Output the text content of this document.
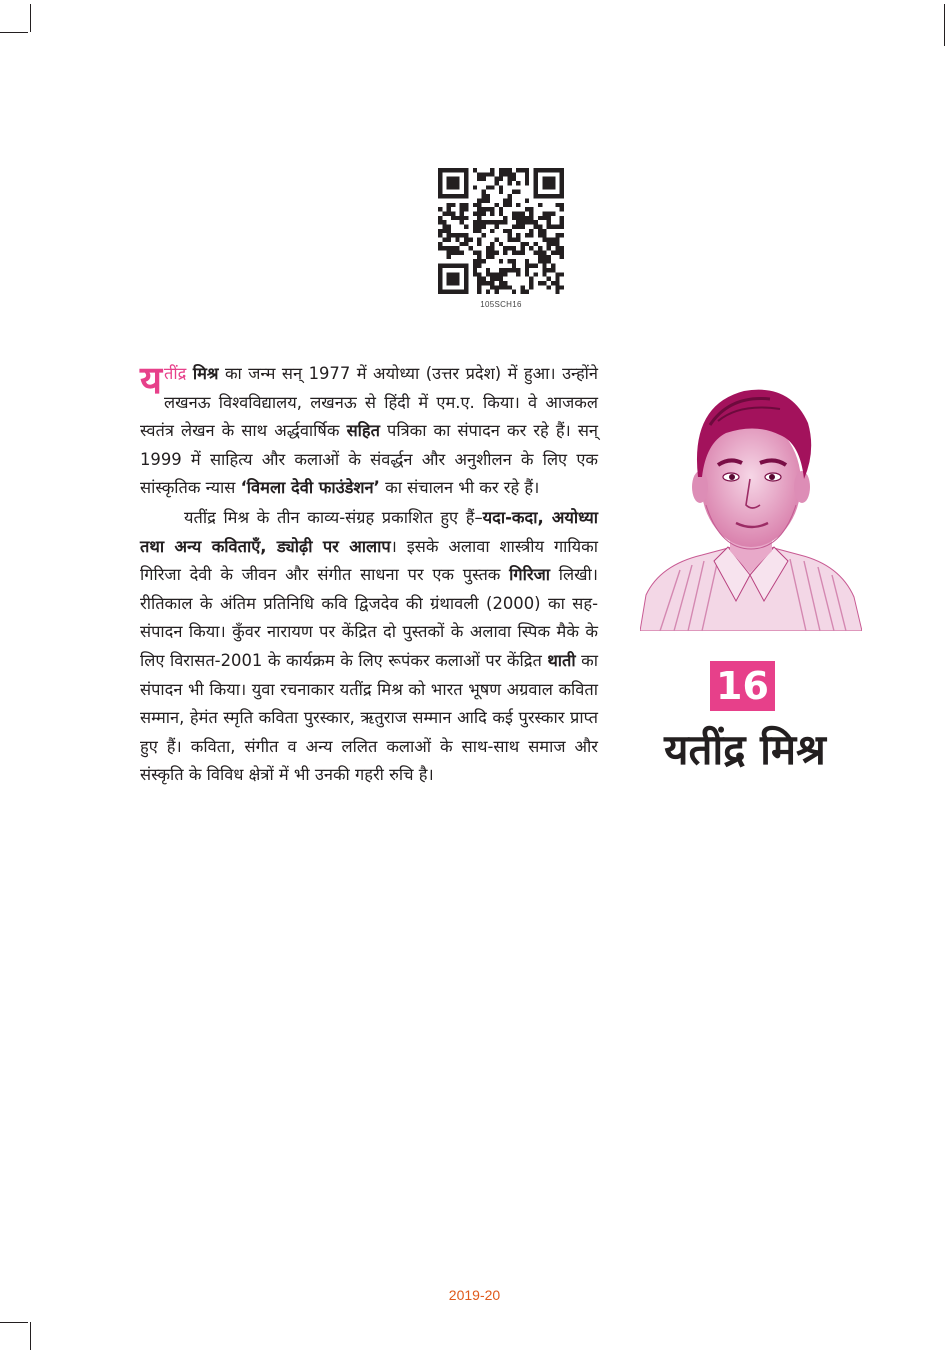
105SCH16

यतींद्र मिश्र का जन्म सन् 1977 में अयोध्या (उत्तर प्रदेश) में हुआ। उन्होंने लखनऊ विश्वविद्यालय, लखनऊ से हिंदी में एम.ए. किया। वे आजकल स्वतंत्र लेखन के साथ अर्द्धवार्षिक सहित पत्रिका का संपादन कर रहे हैं। सन् 1999 में साहित्य और कलाओं के संवर्द्धन और अनुशीलन के लिए एक सांस्कृतिक न्यास ‘विमला देवी फाउंडेशन’ का संचालन भी कर रहे हैं।

यतींद्र मिश्र के तीन काव्य-संग्रह प्रकाशित हुए हैं–यदा-कदा, अयोध्या तथा अन्य कविताएँ, ड्योढ़ी पर आलाप। इसके अलावा शास्त्रीय गायिका गिरिजा देवी के जीवन और संगीत साधना पर एक पुस्तक गिरिजा लिखी। रीतिकाल के अंतिम प्रतिनिधि कवि द्विजदेव की ग्रंथावली (2000) का सह-संपादन किया। कुँवर नारायण पर केंद्रित दो पुस्तकों के अलावा स्पिक मैके के लिए विरासत-2001 के कार्यक्रम के लिए रूपंकर कलाओं पर केंद्रित थाती का संपादन भी किया। युवा रचनाकार यतींद्र मिश्र को भारत भूषण अग्रवाल कविता सम्मान, हेमंत स्मृति कविता पुरस्कार, ऋतुराज सम्मान आदि कई पुरस्कार प्राप्त हुए हैं। कविता, संगीत व अन्य ललित कलाओं के साथ-साथ समाज और संस्कृति के विविध क्षेत्रों में भी उनकी गहरी रुचि है।

16
यतींद्र मिश्र
2019-20
